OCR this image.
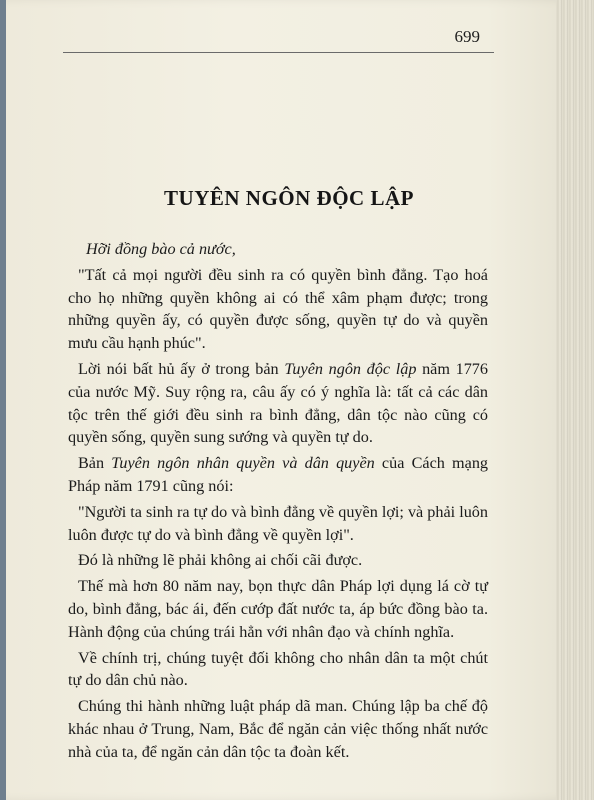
699
TUYÊN NGÔN ĐỘC LẬP

Hỡi đồng bào cả nước,

"Tất cả mọi người đều sinh ra có quyền bình đẳng. Tạo hoá cho họ những quyền không ai có thể xâm phạm được; trong những quyền ấy, có quyền được sống, quyền tự do và quyền mưu cầu hạnh phúc".

Lời nói bất hủ ấy ở trong bản Tuyên ngôn độc lập năm 1776 của nước Mỹ. Suy rộng ra, câu ấy có ý nghĩa là: tất cả các dân tộc trên thế giới đều sinh ra bình đẳng, dân tộc nào cũng có quyền sống, quyền sung sướng và quyền tự do.

Bản Tuyên ngôn nhân quyền và dân quyền của Cách mạng Pháp năm 1791 cũng nói:

"Người ta sinh ra tự do và bình đẳng về quyền lợi; và phải luôn luôn được tự do và bình đẳng về quyền lợi".

Đó là những lẽ phải không ai chối cãi được.

Thế mà hơn 80 năm nay, bọn thực dân Pháp lợi dụng lá cờ tự do, bình đẳng, bác ái, đến cướp đất nước ta, áp bức đồng bào ta. Hành động của chúng trái hẳn với nhân đạo và chính nghĩa.

Về chính trị, chúng tuyệt đối không cho nhân dân ta một chút tự do dân chủ nào.

Chúng thi hành những luật pháp dã man. Chúng lập ba chế độ khác nhau ở Trung, Nam, Bắc để ngăn cản việc thống nhất nước nhà của ta, để ngăn cản dân tộc ta đoàn kết.
